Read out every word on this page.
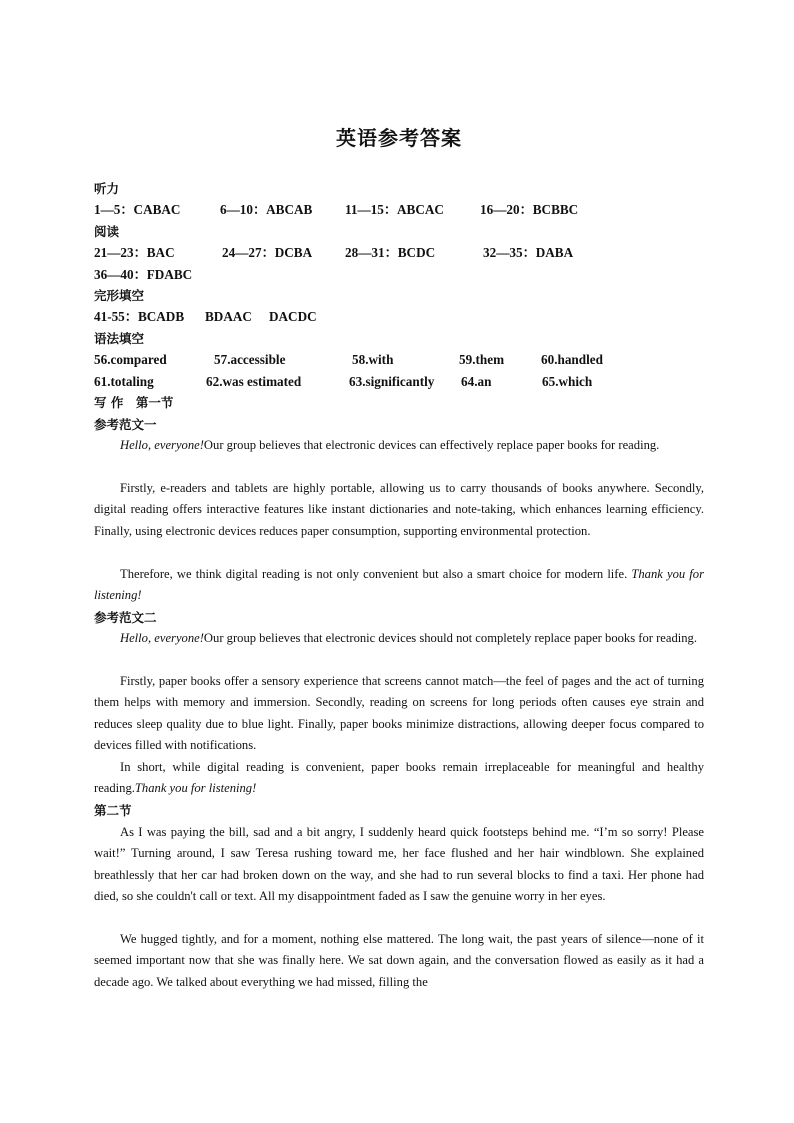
英语参考答案
听力
1—5：CABAC	6—10：ABCAB 11—15：ABCAC	16—20：BCBBC
阅读
21—23：BAC	24—27：DCBA 28—31：BCDC	32—35：DABA
36—40：FDABC
完形填空
41-55：BCADB BDAAC DACDC
语法填空
56.compared	57.accessible	58.with	59.them	60.handled
61.totaling	62.was estimated	63.significantly 64.an	65.which
写 作　第一节
参考范文一
Hello, everyone!Our group believes that electronic devices can effectively replace paper books for reading.
Firstly, e-readers and tablets are highly portable, allowing us to carry thousands of books anywhere. Secondly, digital reading offers interactive features like instant dictionaries and note-taking, which enhances learning efficiency. Finally, using electronic devices reduces paper consumption, supporting environmental protection.
Therefore, we think digital reading is not only convenient but also a smart choice for modern life. Thank you for listening!
参考范文二
Hello, everyone!Our group believes that electronic devices should not completely replace paper books for reading.
Firstly, paper books offer a sensory experience that screens cannot match—the feel of pages and the act of turning them helps with memory and immersion. Secondly, reading on screens for long periods often causes eye strain and reduces sleep quality due to blue light. Finally, paper books minimize distractions, allowing deeper focus compared to devices filled with notifications.
In short, while digital reading is convenient, paper books remain irreplaceable for meaningful and healthy reading.Thank you for listening!
第二节
As I was paying the bill, sad and a bit angry, I suddenly heard quick footsteps behind me. “I’m so sorry! Please wait!” Turning around, I saw Teresa rushing toward me, her face flushed and her hair windblown. She explained breathlessly that her car had broken down on the way, and she had to run several blocks to find a taxi. Her phone had died, so she couldn't call or text. All my disappointment faded as I saw the genuine worry in her eyes.
We hugged tightly, and for a moment, nothing else mattered. The long wait, the past years of silence—none of it seemed important now that she was finally here. We sat down again, and the conversation flowed as easily as it had a decade ago. We talked about everything we had missed, filling the
